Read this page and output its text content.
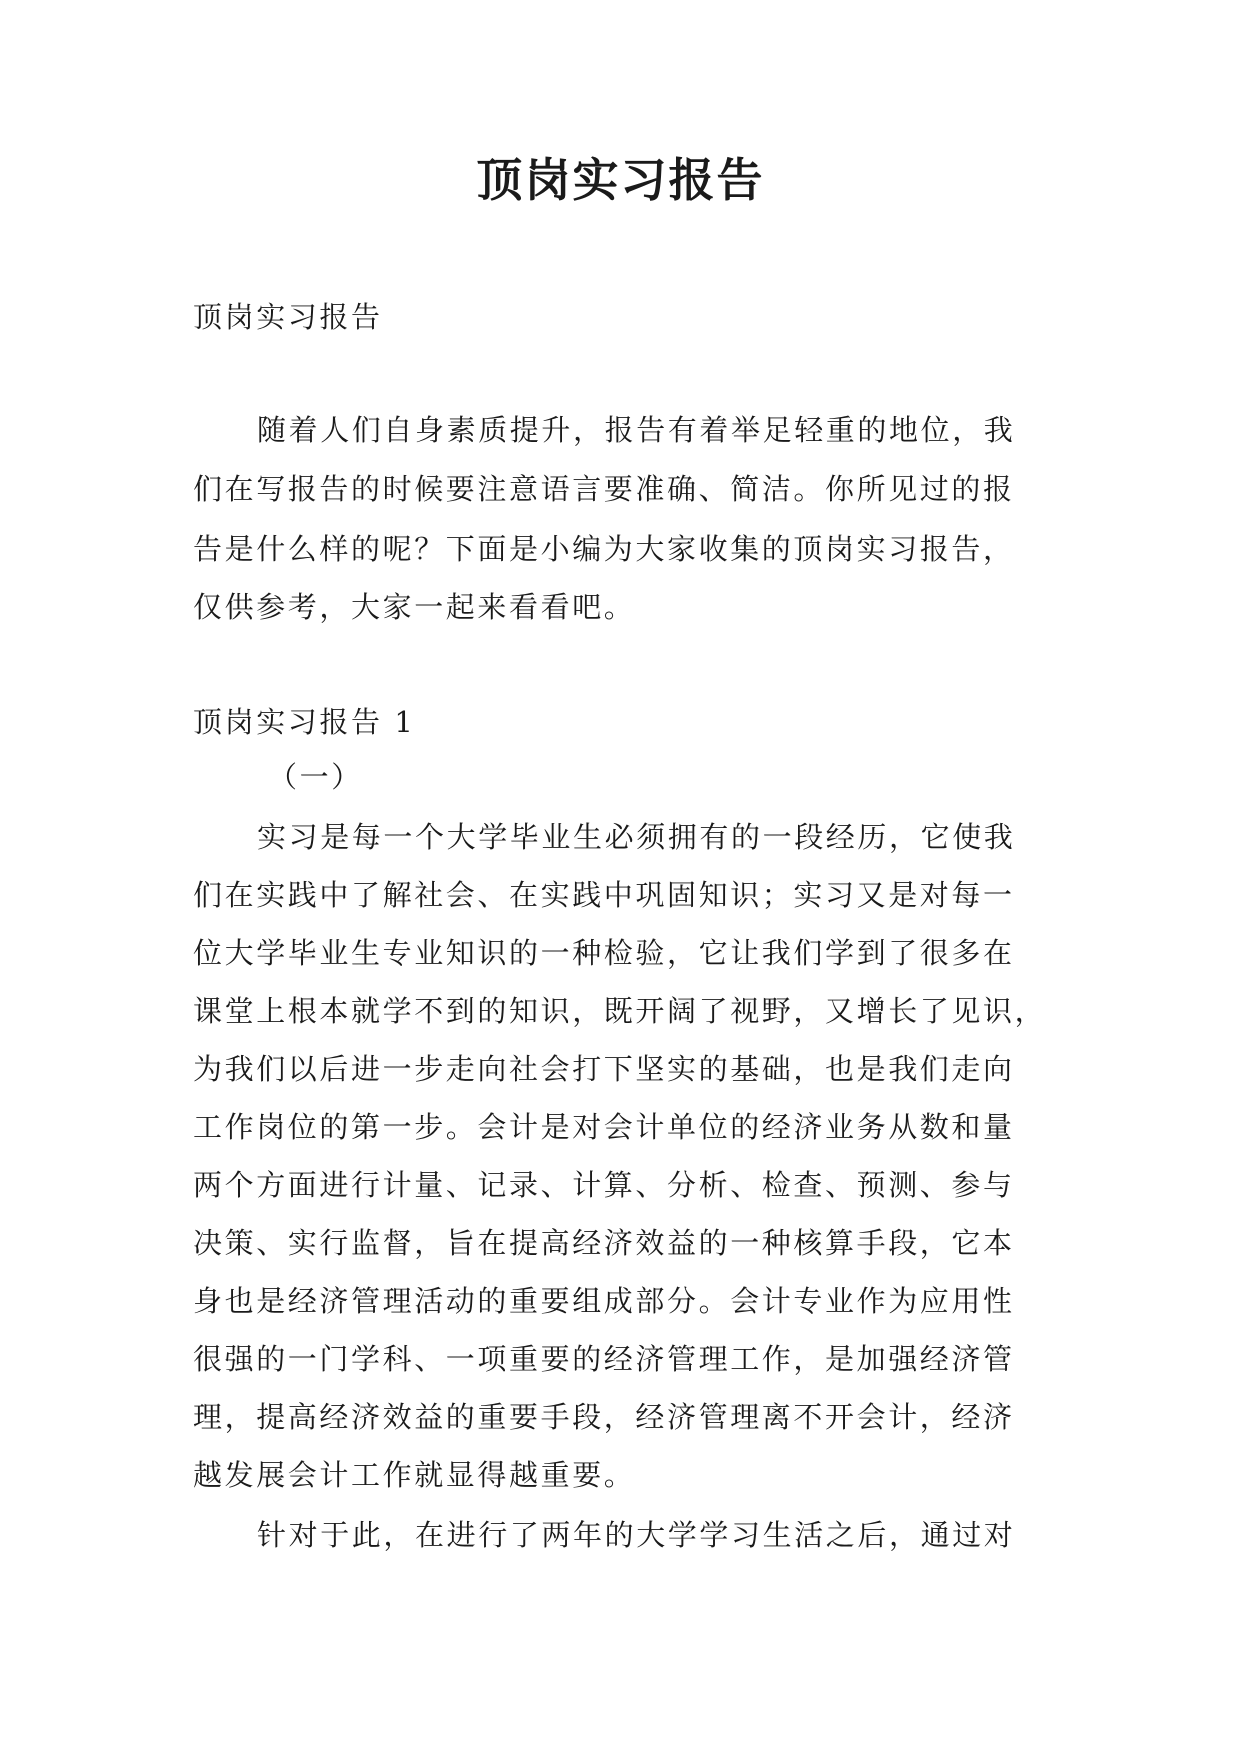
顶岗实习报告
顶岗实习报告
随着人们自身素质提升，报告有着举足轻重的地位，我
们在写报告的时候要注意语言要准确、简洁。你所见过的报
告是什么样的呢？下面是小编为大家收集的顶岗实习报告，
仅供参考，大家一起来看看吧。
顶岗实习报告 1
（一）
实习是每一个大学毕业生必须拥有的一段经历，它使我
们在实践中了解社会、在实践中巩固知识；实习又是对每一
位大学毕业生专业知识的一种检验，它让我们学到了很多在
课堂上根本就学不到的知识，既开阔了视野，又增长了见识，
为我们以后进一步走向社会打下坚实的基础，也是我们走向
工作岗位的第一步。会计是对会计单位的经济业务从数和量
两个方面进行计量、记录、计算、分析、检查、预测、参与
决策、实行监督，旨在提高经济效益的一种核算手段，它本
身也是经济管理活动的重要组成部分。会计专业作为应用性
很强的一门学科、一项重要的经济管理工作，是加强经济管
理，提高经济效益的重要手段，经济管理离不开会计，经济
越发展会计工作就显得越重要。
针对于此，在进行了两年的大学学习生活之后，通过对
